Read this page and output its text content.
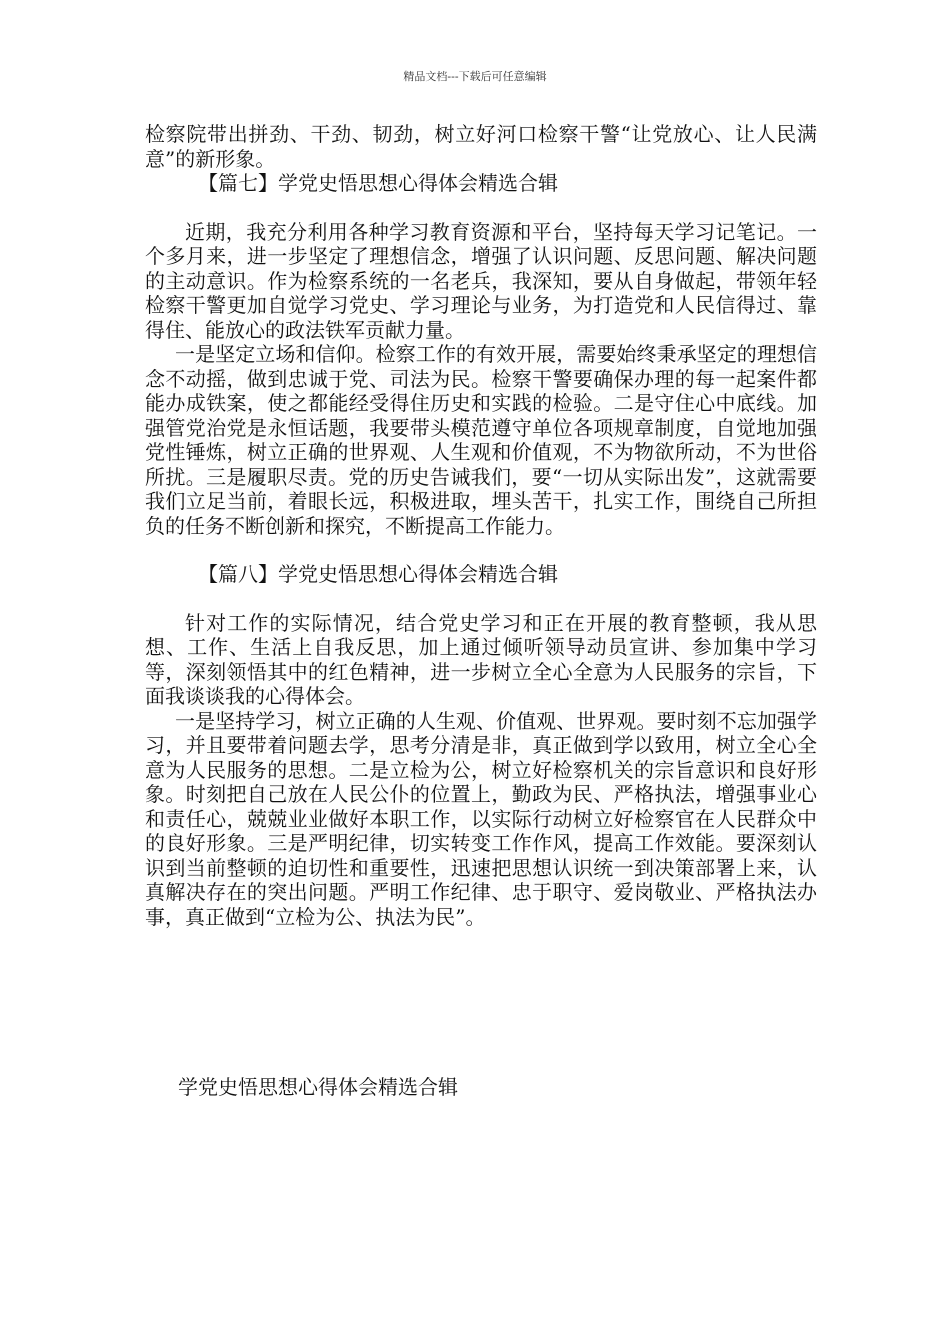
精品文档---下载后可任意编辑

检察院带出拼劲、干劲、韧劲，树立好河口检察干警“让党放心、让人民满意”的新形象。

【篇七】学党史悟思想心得体会精选合辑

近期，我充分利用各种学习教育资源和平台，坚持每天学习记笔记。一个多月来，进一步坚定了理想信念，增强了认识问题、反思问题、解决问题的主动意识。作为检察系统的一名老兵，我深知，要从自身做起，带领年轻检察干警更加自觉学习党史、学习理论与业务，为打造党和人民信得过、靠得住、能放心的政法铁军贡献力量。

一是坚定立场和信仰。检察工作的有效开展，需要始终秉承坚定的理想信念不动摇，做到忠诚于党、司法为民。检察干警要确保办理的每一起案件都能办成铁案，使之都能经受得住历史和实践的检验。二是守住心中底线。加强管党治党是永恒话题，我要带头模范遵守单位各项规章制度，自觉地加强党性锤炼，树立正确的世界观、人生观和价值观，不为物欲所动，不为世俗所扰。三是履职尽责。党的历史告诫我们，要“一切从实际出发”，这就需要我们立足当前，着眼长远，积极进取，埋头苦干，扎实工作，围绕自己所担负的任务不断创新和探究，不断提高工作能力。

【篇八】学党史悟思想心得体会精选合辑

针对工作的实际情况，结合党史学习和正在开展的教育整顿，我从思想、工作、生活上自我反思，加上通过倾听领导动员宣讲、参加集中学习等，深刻领悟其中的红色精神，进一步树立全心全意为人民服务的宗旨，下面我谈谈我的心得体会。

一是坚持学习，树立正确的人生观、价值观、世界观。要时刻不忘加强学习，并且要带着问题去学，思考分清是非，真正做到学以致用，树立全心全意为人民服务的思想。二是立检为公，树立好检察机关的宗旨意识和良好形象。时刻把自己放在人民公仆的位置上，勤政为民、严格执法，增强事业心和责任心，兢兢业业做好本职工作，以实际行动树立好检察官在人民群众中的良好形象。三是严明纪律，切实转变工作作风，提高工作效能。要深刻认识到当前整顿的迫切性和重要性，迅速把思想认识统一到决策部署上来，认真解决存在的突出问题。严明工作纪律、忠于职守、爱岗敬业、严格执法办事，真正做到“立检为公、执法为民”。

学党史悟思想心得体会精选合辑
